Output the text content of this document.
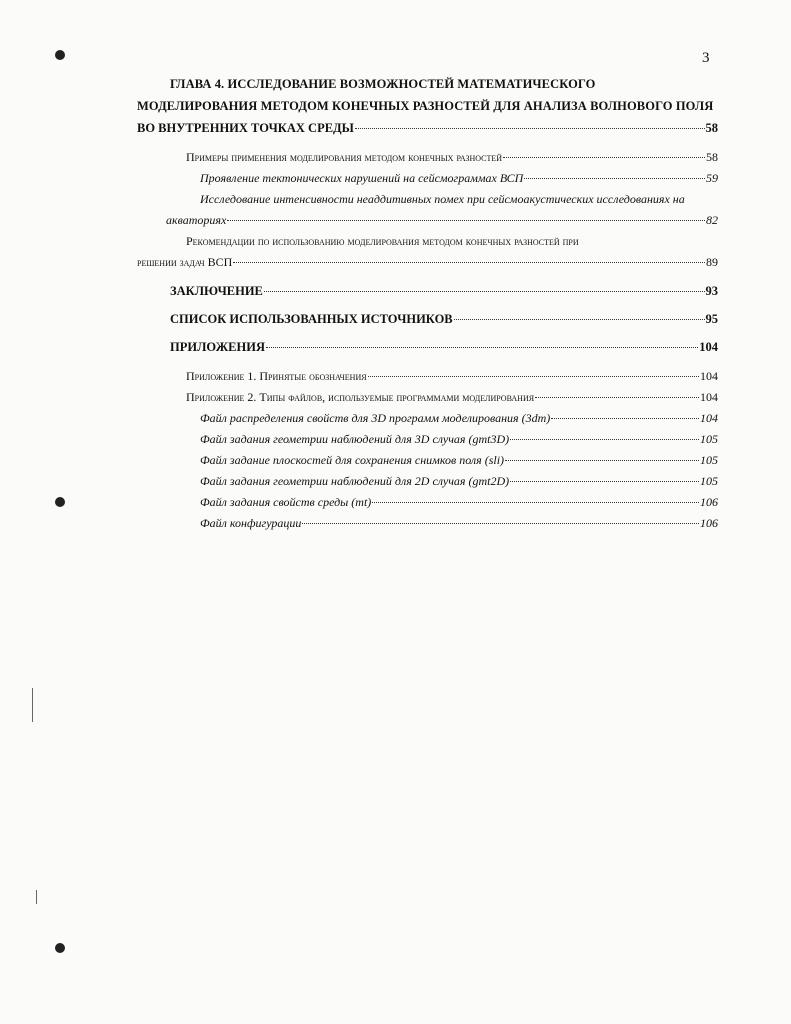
3
ГЛАВА 4. ИССЛЕДОВАНИЕ ВОЗМОЖНОСТЕЙ МАТЕМАТИЧЕСКОГО
МОДЕЛИРОВАНИЯ МЕТОДОМ КОНЕЧНЫХ РАЗНОСТЕЙ ДЛЯ АНАЛИЗА ВОЛНОВОГО ПОЛЯ
ВО ВНУТРЕННИХ ТОЧКАХ СРЕДЫ	58
Примеры применения моделирования методом конечных разностей	58
Проявление тектонических нарушений на сейсмограммах ВСП	59
Исследование интенсивности неаддитивных помех при сейсмоакустических исследованиях на
акваториях	82
Рекомендации по использованию моделирования методом конечных разностей при
решении задач ВСП	89
ЗАКЛЮЧЕНИЕ	93
СПИСОК ИСПОЛЬЗОВАННЫХ ИСТОЧНИКОВ	95
ПРИЛОЖЕНИЯ	104
Приложение 1. Принятые обозначения	104
Приложение 2. Типы файлов, используемые программами моделирования	104
Файл распределения свойств для 3D программ моделирования (3dm)	104
Файл задания геометрии наблюдений для 3D случая (gmt3D)	105
Файл задание плоскостей для сохранения снимков поля (sli)	105
Файл задания геометрии наблюдений для 2D случая (gmt2D)	105
Файл задания свойств среды (mt)	106
Файл конфигурации	106
